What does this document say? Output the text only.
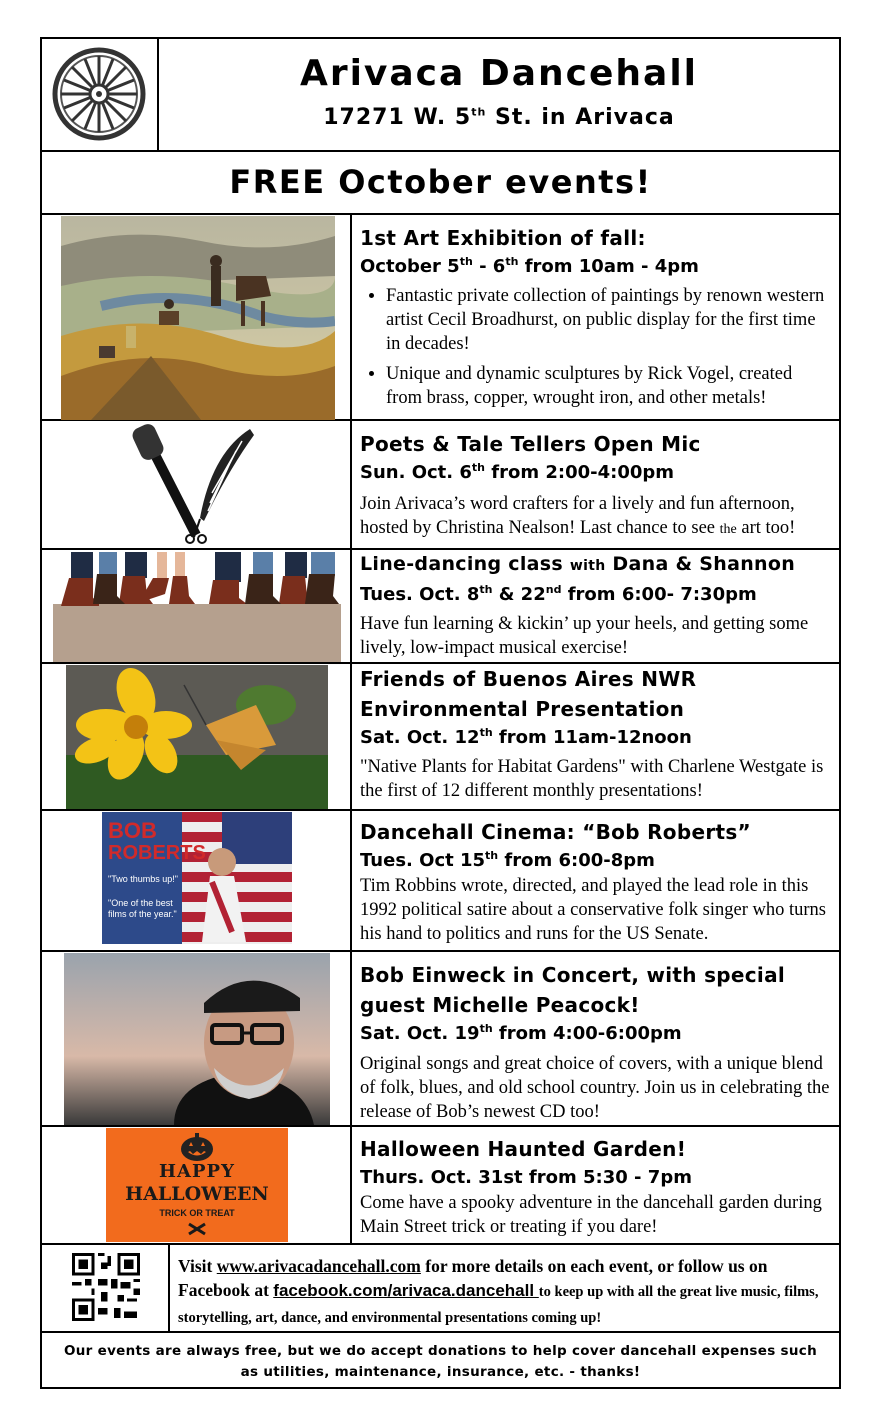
Arivaca Dancehall
17271 W. 5th St. in Arivaca
FREE October events!
1st Art Exhibition of fall:
October 5th - 6th from 10am - 4pm
• Fantastic private collection of paintings by renown western artist Cecil Broadhurst, on public display for the first time in decades!
• Unique and dynamic sculptures by Rick Vogel, created from brass, copper, wrought iron, and other metals!
Poets & Tale Tellers Open Mic
Sun. Oct. 6th from 2:00-4:00pm
Join Arivaca’s word crafters for a lively and fun afternoon, hosted by Christina Nealson! Last chance to see the art too!
Line-dancing class with Dana & Shannon
Tues. Oct. 8th & 22nd from 6:00- 7:30pm
Have fun learning & kickin’ up your heels, and getting some lively, low-impact musical exercise!
Friends of Buenos Aires NWR Environmental Presentation
Sat. Oct. 12th from 11am-12noon
"Native Plants for Habitat Gardens" with Charlene Westgate is the first of 12 different monthly presentations!
BOB
ROBERTS
"Two thumbs up!"
"One of the best films of the year."
Dancehall Cinema: “Bob Roberts”
Tues. Oct 15th from 6:00-8pm
Tim Robbins wrote, directed, and played the lead role in this 1992 political satire about a conservative folk singer who turns his hand to politics and runs for the US Senate.
Bob Einweck in Concert, with special guest Michelle Peacock!
Sat. Oct. 19th from 4:00-6:00pm
Original songs and great choice of covers, with a unique blend of folk, blues, and old school country. Join us in celebrating the release of Bob’s newest CD too!
HAPPY
HALLOWEEN
TRICK OR TREAT
Halloween Haunted Garden!
Thurs. Oct. 31st from 5:30 - 7pm
Come have a spooky adventure in the dancehall garden during Main Street trick or treating if you dare!
Visit www.arivacadancehall.com for more details on each event, or follow us on Facebook at facebook.com/arivaca.dancehall to keep up with all the great live music, films, storytelling, art, dance, and environmental presentations coming up!
Our events are always free, but we do accept donations to help cover dancehall expenses such as utilities, maintenance, insurance, etc. - thanks!
